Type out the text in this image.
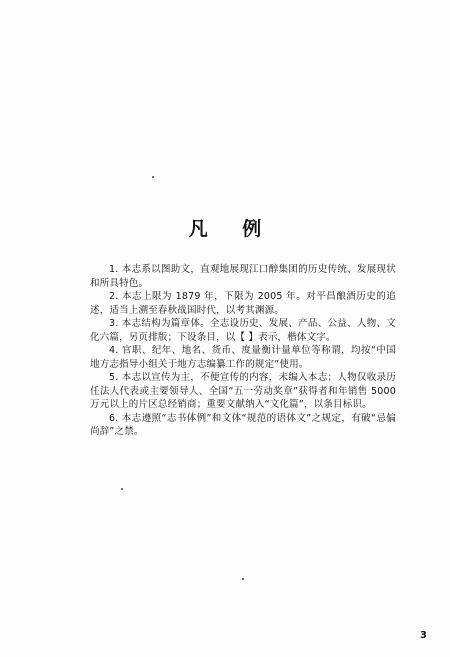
凡 例

1. 本志系以图助文，直观地展现江口醇集团的历史传统、发展现状和所具特色。

2. 本志上限为 1879 年，下限为 2005 年。对平昌酿酒历史的追述，适当上溯至春秋战国时代，以考其渊源。

3. 本志结构为篇章体。全志设历史、发展、产品、公益、人物、文化六篇，另页排版；下设条目，以【 】表示，楷体文字。

4. 官职、纪年、地名、货币、度量衡计量单位等称谓，均按“中国地方志指导小组关于地方志编纂工作的规定”使用。

5. 本志以宣传为主，不便宣传的内容，未编入本志；人物仅收录历任法人代表或主要领导人、全国“五一劳动奖章”获得者和年销售 5000 万元以上的片区总经销商；重要文献纳入“文化篇”，以条目标识。

6. 本志遵照“志书体例”和文体“规范的语体文”之规定，有破“忌偏尚辞”之禁。

3
